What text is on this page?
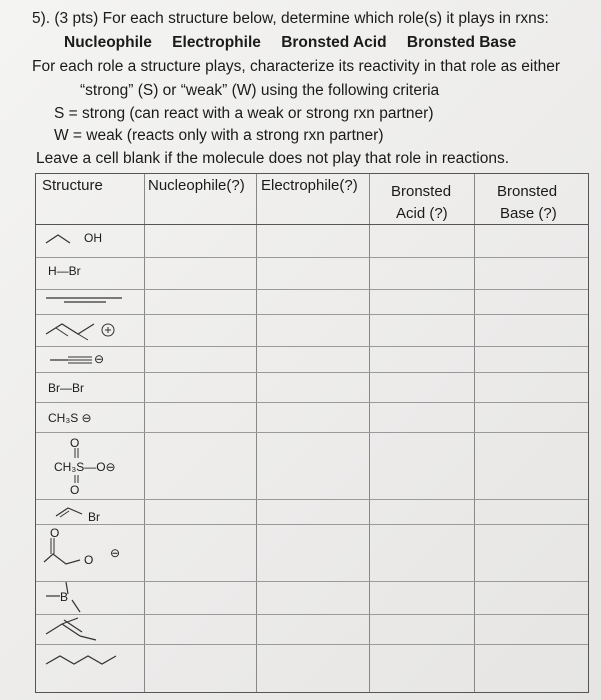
5). (3 pts) For each structure below, determine which role(s) it plays in rxns:
Nucleophile Electrophile Bronsted Acid Bronsted Base
For each role a structure plays, characterize its reactivity in that role as either
“strong” (S) or “weak” (W) using the following criteria
S = strong (can react with a weak or strong rxn partner)
W = weak (reacts only with a strong rxn partner)
Leave a cell blank if the molecule does not play that role in reactions.
Structure	Nucleophile(?) Electrophile(?) Bronsted
Acid (?)
Bronsted
Base (?)
OH
H—Br
⊖
Br—Br
CH₃S ⊖
O
CH₃S—O⊖
O
Br
O
O ⊖
B
